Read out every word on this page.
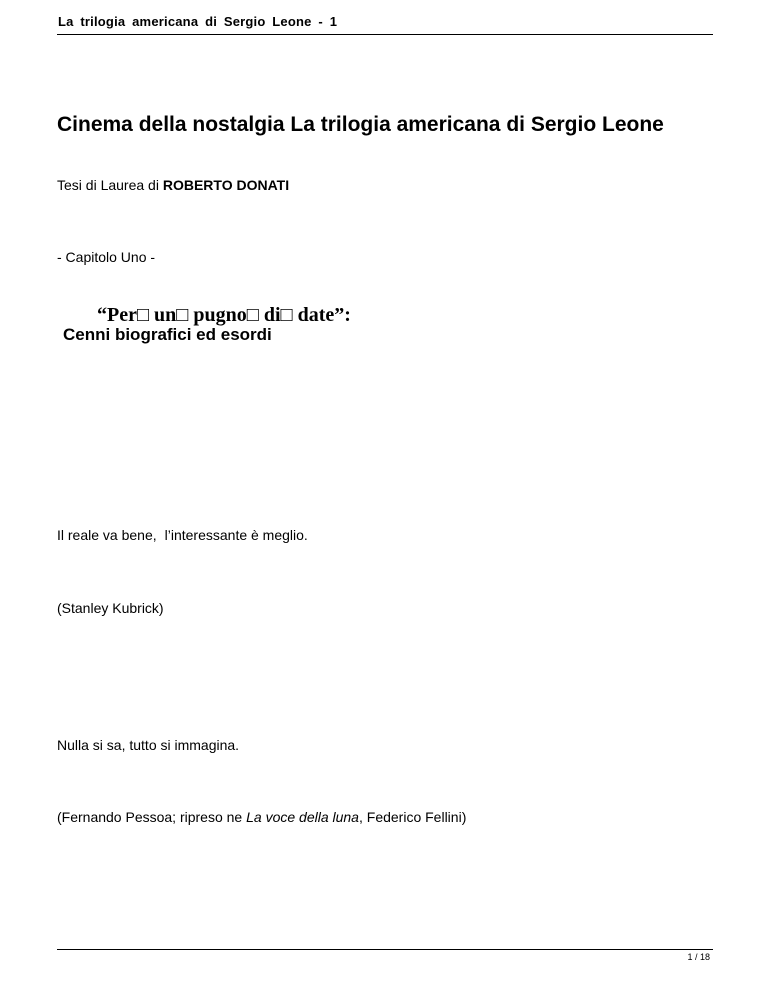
La trilogia americana di Sergio Leone - 1
Cinema della nostalgia La trilogia americana di Sergio Leone
Tesi di Laurea di ROBERTO DONATI
- Capitolo Uno -
“Per□ un□ pugno□ di□ date”:
Cenni biografici ed esordi
Il reale va bene, l’interessante è meglio.
(Stanley Kubrick)
Nulla si sa, tutto si immagina.
(Fernando Pessoa; ripreso ne La voce della luna, Federico Fellini)
1 / 18
